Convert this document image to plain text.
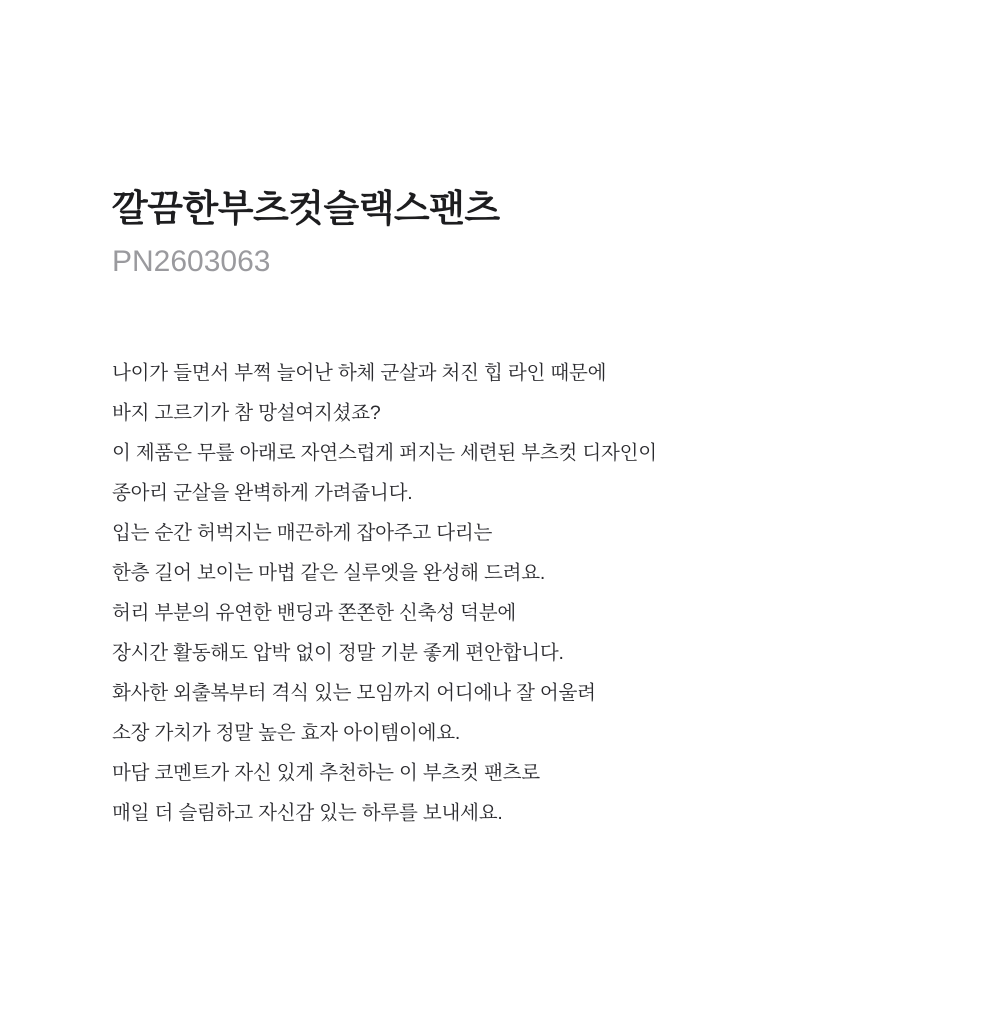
깔끔한부츠컷슬랙스팬츠
PN2603063

나이가 들면서 부쩍 늘어난 하체 군살과 처진 힙 라인 때문에

바지 고르기가 참 망설여지셨죠?

이 제품은 무릎 아래로 자연스럽게 퍼지는 세련된 부츠컷 디자인이

종아리 군살을 완벽하게 가려줍니다.

입는 순간 허벅지는 매끈하게 잡아주고 다리는

한층 길어 보이는 마법 같은 실루엣을 완성해 드려요.

허리 부분의 유연한 밴딩과 쫀쫀한 신축성 덕분에

장시간 활동해도 압박 없이 정말 기분 좋게 편안합니다.

화사한 외출복부터 격식 있는 모임까지 어디에나 잘 어울려

소장 가치가 정말 높은 효자 아이템이에요.

마담 코멘트가 자신 있게 추천하는 이 부츠컷 팬츠로

매일 더 슬림하고 자신감 있는 하루를 보내세요.
